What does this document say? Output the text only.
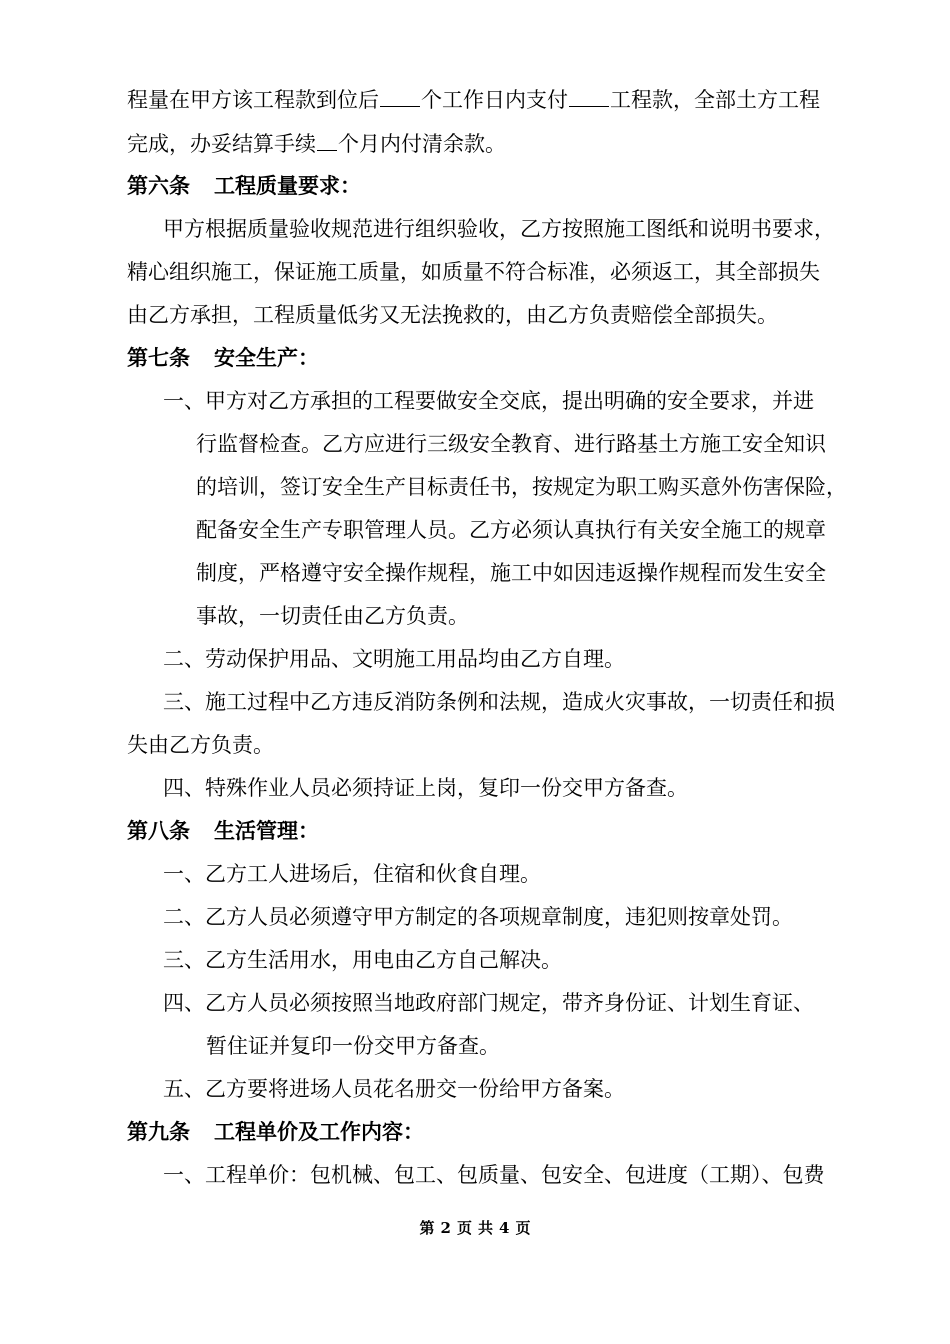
程量在甲方该工程款到位后 个工作日内支付 工程款，全部土方工程
完成，办妥结算手续 个月内付清余款。
第六条 工程质量要求：
甲方根据质量验收规范进行组织验收，乙方按照施工图纸和说明书要求，
精心组织施工，保证施工质量，如质量不符合标准，必须返工，其全部损失
由乙方承担，工程质量低劣又无法挽救的，由乙方负责赔偿全部损失。
第七条 安全生产：
一、甲方对乙方承担的工程要做安全交底，提出明确的安全要求，并进
行监督检查。乙方应进行三级安全教育、进行路基土方施工安全知识
的培训，签订安全生产目标责任书，按规定为职工购买意外伤害保险，
配备安全生产专职管理人员。乙方必须认真执行有关安全施工的规章
制度，严格遵守安全操作规程，施工中如因违返操作规程而发生安全
事故，一切责任由乙方负责。
二、劳动保护用品、文明施工用品均由乙方自理。
三、施工过程中乙方违反消防条例和法规，造成火灾事故，一切责任和损
失由乙方负责。
四、特殊作业人员必须持证上岗，复印一份交甲方备查。
第八条 生活管理：
一、乙方工人进场后，住宿和伙食自理。
二、乙方人员必须遵守甲方制定的各项规章制度，违犯则按章处罚。
三、乙方生活用水，用电由乙方自己解决。
四、乙方人员必须按照当地政府部门规定，带齐身份证、计划生育证、
暂住证并复印一份交甲方备查。
五、乙方要将进场人员花名册交一份给甲方备案。
第九条 工程单价及工作内容：
一、工程单价：包机械、包工、包质量、包安全、包进度（工期）、包费
第 2 页 共 4 页
